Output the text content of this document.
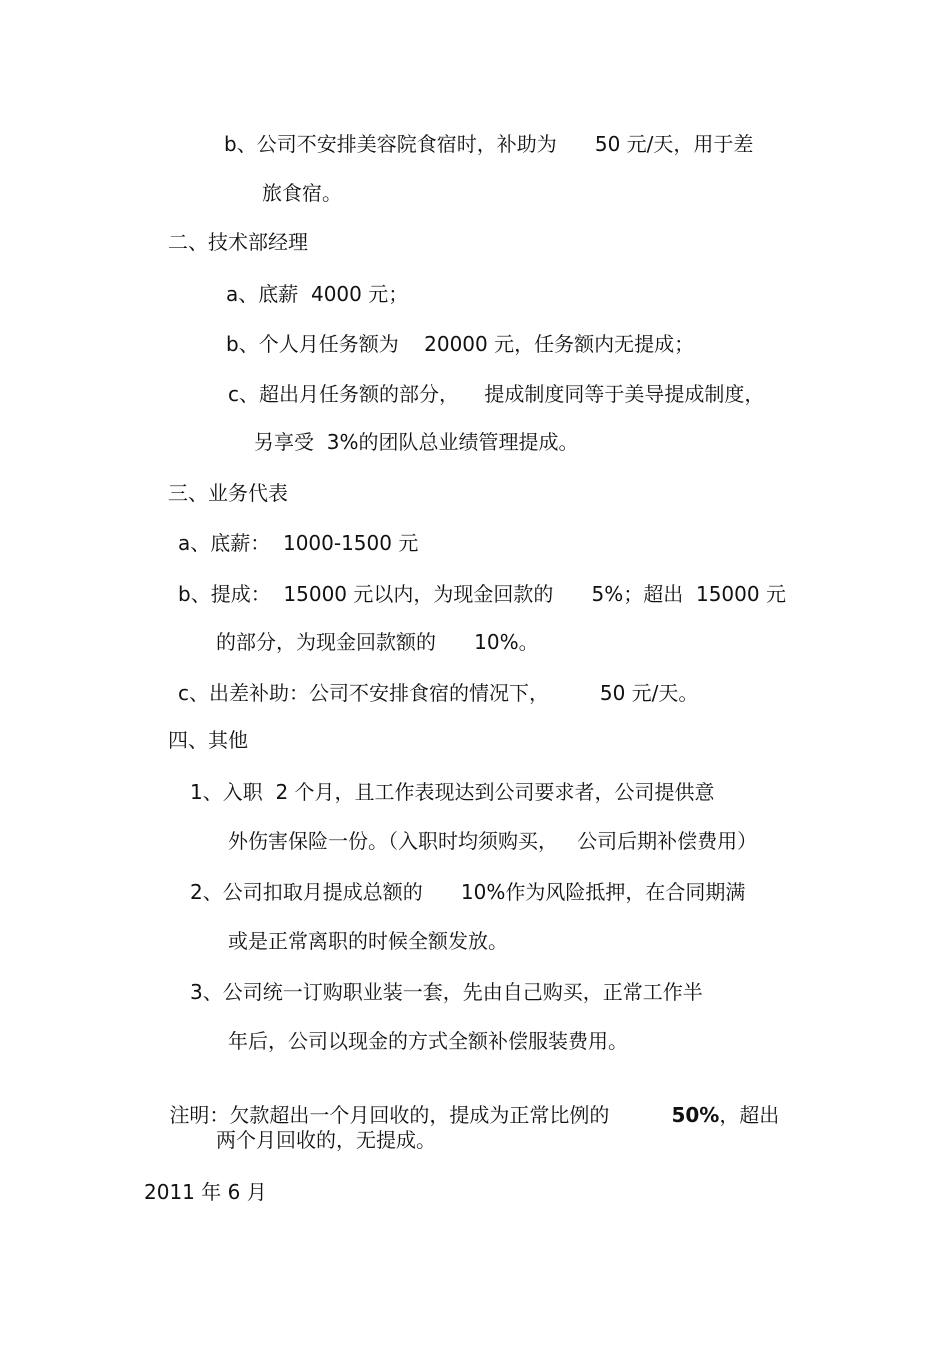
b、公司不安排美容院食宿时，补助为      50 元/天，用于差
旅食宿。
二、技术部经理
a、底薪  4000 元；
b、个人月任务额为    20000 元，任务额内无提成；
c、超出月任务额的部分，    提成制度同等于美导提成制度，
另享受  3%的团队总业绩管理提成。
三、业务代表
a、底薪：  1000-1500 元
b、提成：  15000 元以内，为现金回款的      5%；超出  15000 元
的部分，为现金回款额的      10%。
c、出差补助：公司不安排食宿的情况下，        50 元/天。
四、其他
1、入职  2 个月，且工作表现达到公司要求者，公司提供意
外伤害保险一份。（入职时均须购买，   公司后期补偿费用）
2、公司扣取月提成总额的      10%作为风险抵押，在合同期满
或是正常离职的时候全额发放。
3、公司统一订购职业装一套，先由自己购买，正常工作半
年后，公司以现金的方式全额补偿服装费用。

注明：欠款超出一个月回收的，提成为正常比例的	50%，超出

两个月回收的，无提成。
2011 年 6 月
